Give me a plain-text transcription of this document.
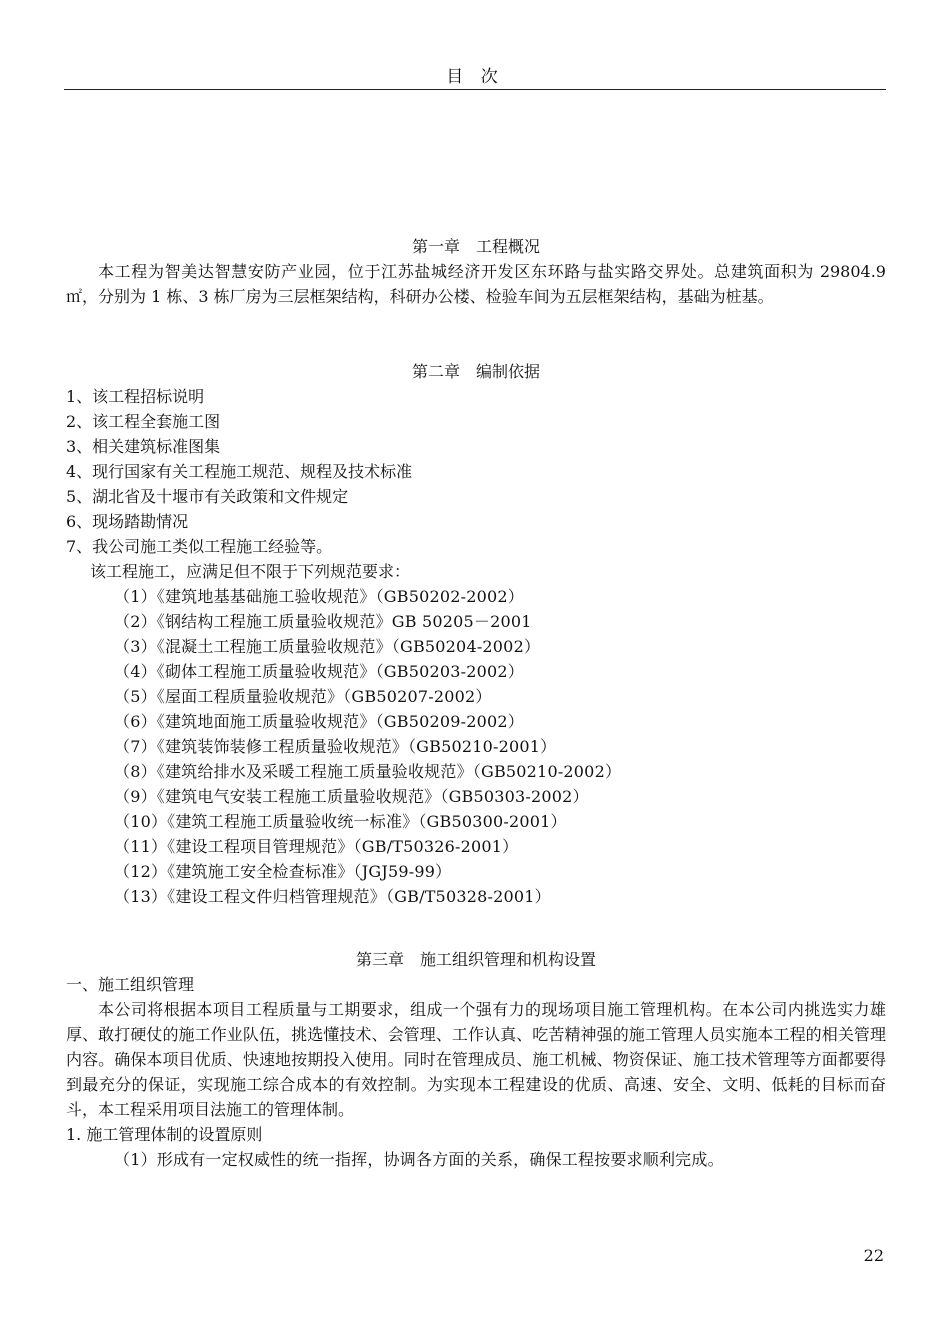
目 次

第一章　工程概况

本工程为智美达智慧安防产业园，位于江苏盐城经济开发区东环路与盐实路交界处。总建筑面积为 29804.9 ㎡，分别为 1 栋、3 栋厂房为三层框架结构，科研办公楼、检验车间为五层框架结构，基础为桩基。

第二章　编制依据

1、该工程招标说明

2、该工程全套施工图

3、相关建筑标准图集

4、现行国家有关工程施工规范、规程及技术标准

5、湖北省及十堰市有关政策和文件规定

6、现场踏勘情况

7、我公司施工类似工程施工经验等。

该工程施工，应满足但不限于下列规范要求：

（1）《建筑地基基础施工验收规范》（GB50202-2002）

（2）《钢结构工程施工质量验收规范》GB 50205－2001

（3）《混凝土工程施工质量验收规范》（GB50204-2002）

（4）《砌体工程施工质量验收规范》（GB50203-2002）

（5）《屋面工程质量验收规范》（GB50207-2002）

（6）《建筑地面施工质量验收规范》（GB50209-2002）

（7）《建筑装饰装修工程质量验收规范》（GB50210-2001）

（8）《建筑给排水及采暖工程施工质量验收规范》（GB50210-2002）

（9）《建筑电气安装工程施工质量验收规范》（GB50303-2002）

（10）《建筑工程施工质量验收统一标准》（GB50300-2001）

（11）《建设工程项目管理规范》（GB/T50326-2001）

（12）《建筑施工安全检查标准》（JGJ59-99）

（13）《建设工程文件归档管理规范》（GB/T50328-2001）

第三章　施工组织管理和机构设置

一、施工组织管理

本公司将根据本项目工程质量与工期要求，组成一个强有力的现场项目施工管理机构。在本公司内挑选实力雄厚、敢打硬仗的施工作业队伍，挑选懂技术、会管理、工作认真、吃苦精神强的施工管理人员实施本工程的相关管理内容。确保本项目优质、快速地按期投入使用。同时在管理成员、施工机械、物资保证、施工技术管理等方面都要得到最充分的保证，实现施工综合成本的有效控制。为实现本工程建设的优质、高速、安全、文明、低耗的目标而奋斗，本工程采用项目法施工的管理体制。

1. 施工管理体制的设置原则

（1）形成有一定权威性的统一指挥，协调各方面的关系，确保工程按要求顺利完成。

22
